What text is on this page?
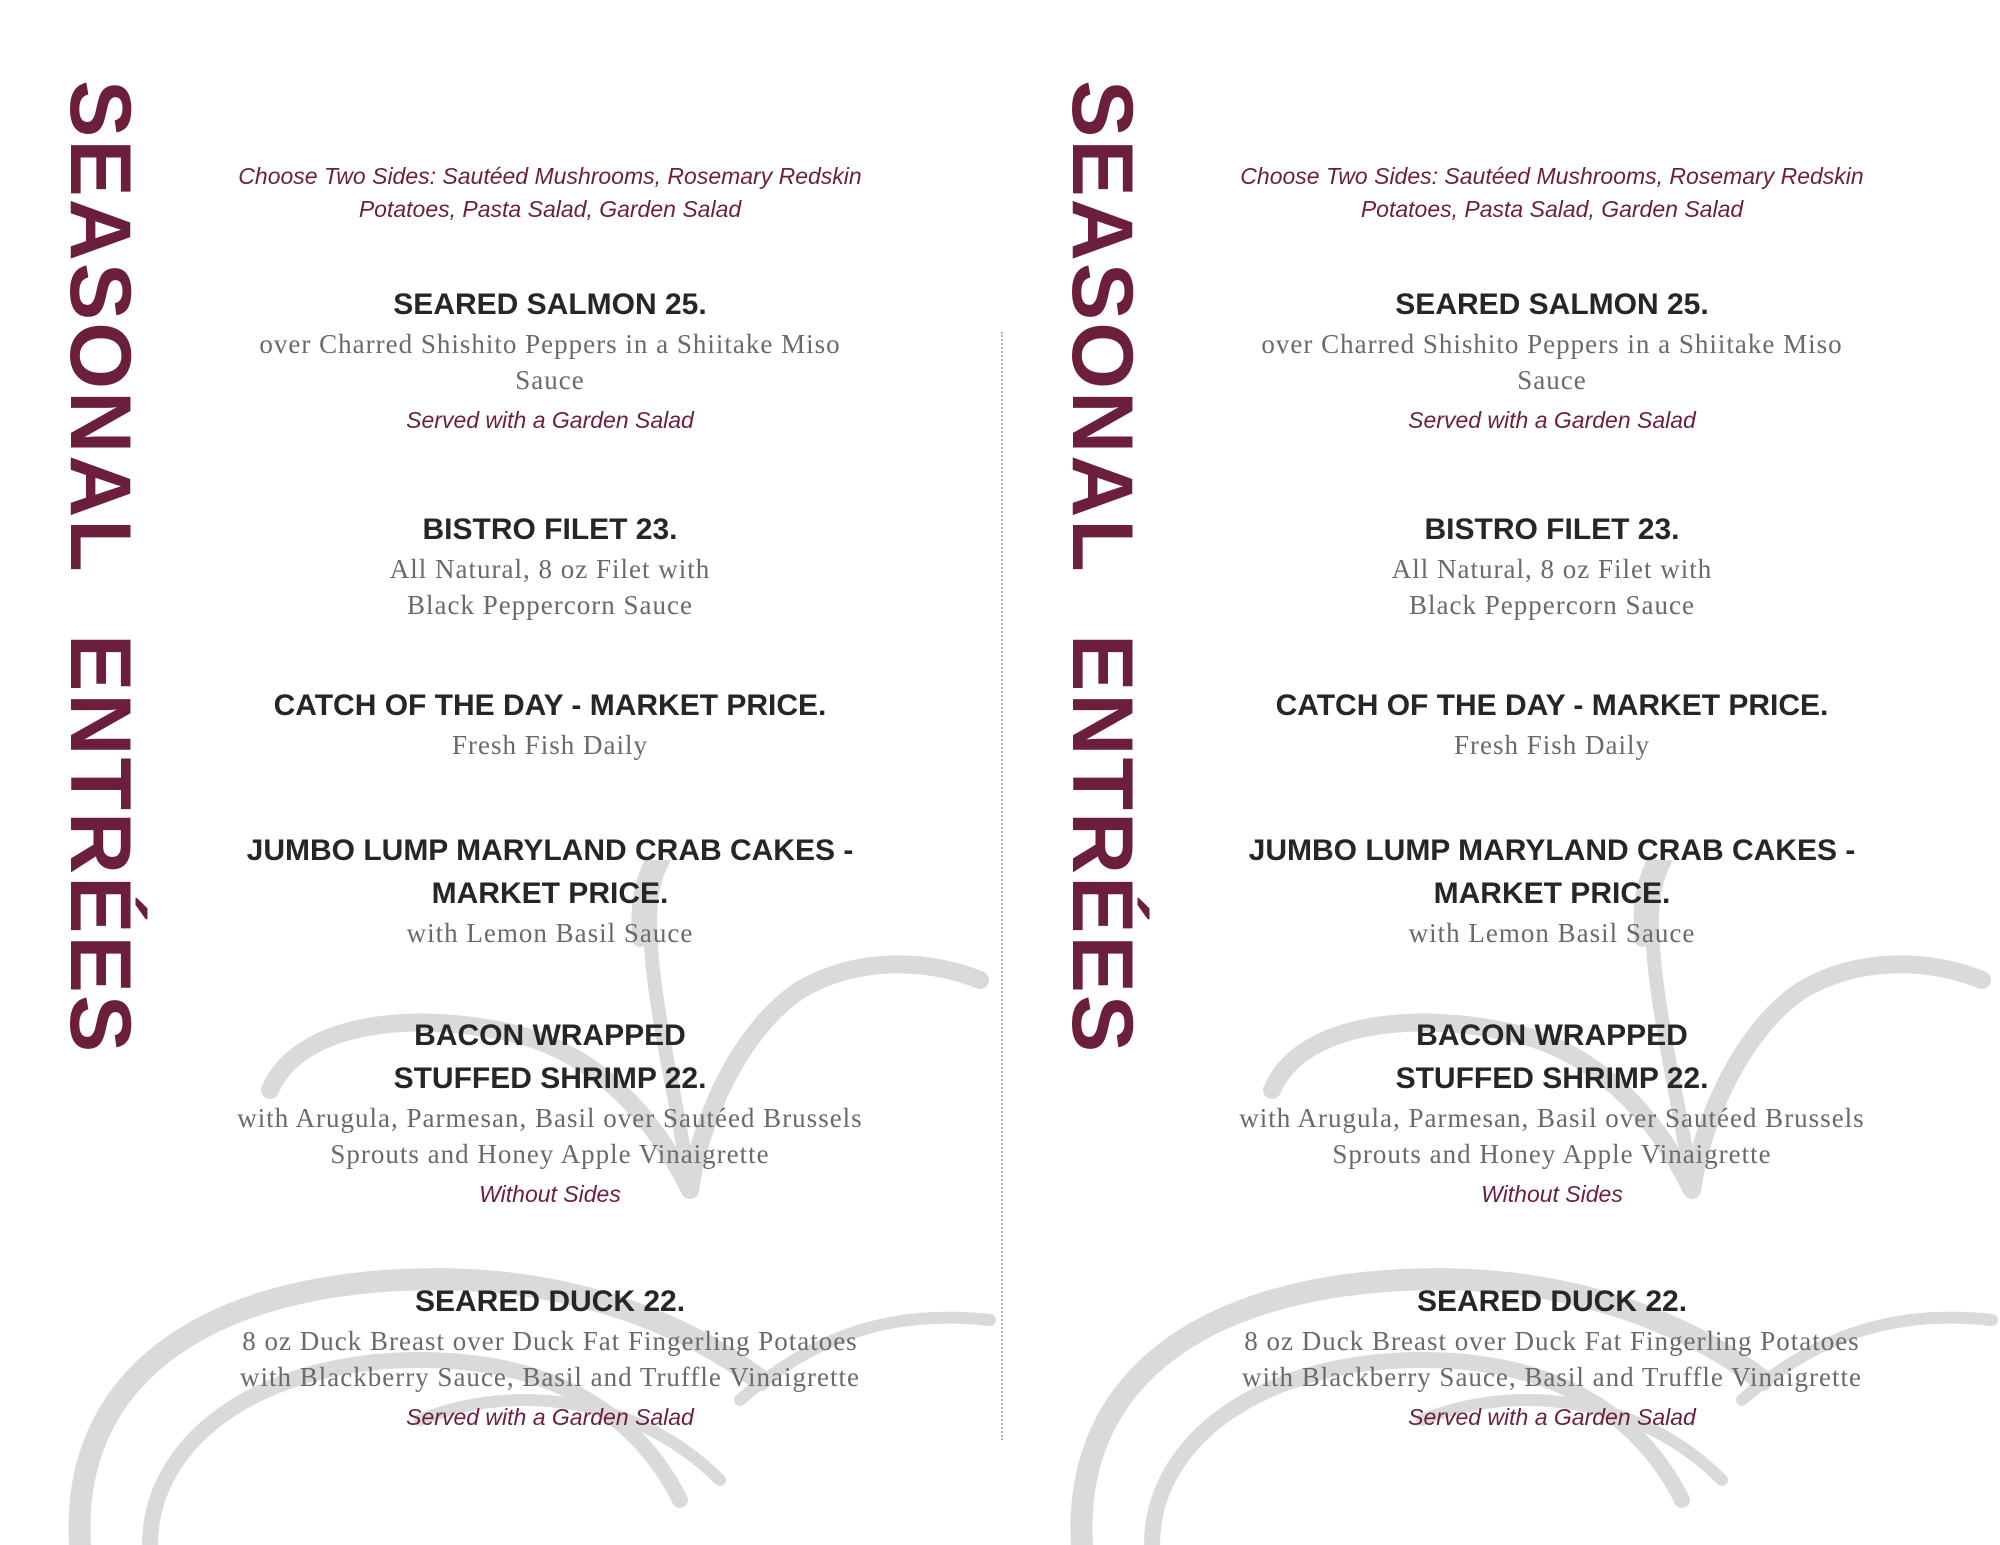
SEASONAL
ENTRÉES
Choose Two Sides: Sautéed Mushrooms, Rosemary Redskin Potatoes, Pasta Salad, Garden Salad

SEARED SALMON 25.

over Charred Shishito Peppers in a Shiitake Miso Sauce

Served with a Garden Salad

BISTRO FILET 23.

All Natural, 8 oz Filet with Black Peppercorn Sauce

CATCH OF THE DAY - MARKET PRICE.

Fresh Fish Daily

JUMBO LUMP MARYLAND CRAB CAKES - MARKET PRICE.

with Lemon Basil Sauce

BACON WRAPPED STUFFED SHRIMP 22.

with Arugula, Parmesan, Basil over Sautéed Brussels Sprouts and Honey Apple Vinaigrette

Without Sides

SEARED DUCK 22.

8 oz Duck Breast over Duck Fat Fingerling Potatoes with Blackberry Sauce, Basil and Truffle Vinaigrette

Served with a Garden Salad

SEASONAL
ENTRÉES
Choose Two Sides: Sautéed Mushrooms, Rosemary Redskin Potatoes, Pasta Salad, Garden Salad

SEARED SALMON 25.

over Charred Shishito Peppers in a Shiitake Miso Sauce

Served with a Garden Salad

BISTRO FILET 23.

All Natural, 8 oz Filet with Black Peppercorn Sauce

CATCH OF THE DAY - MARKET PRICE.

Fresh Fish Daily

JUMBO LUMP MARYLAND CRAB CAKES - MARKET PRICE.

with Lemon Basil Sauce

BACON WRAPPED STUFFED SHRIMP 22.

with Arugula, Parmesan, Basil over Sautéed Brussels Sprouts and Honey Apple Vinaigrette

Without Sides

SEARED DUCK 22.

8 oz Duck Breast over Duck Fat Fingerling Potatoes with Blackberry Sauce, Basil and Truffle Vinaigrette

Served with a Garden Salad
